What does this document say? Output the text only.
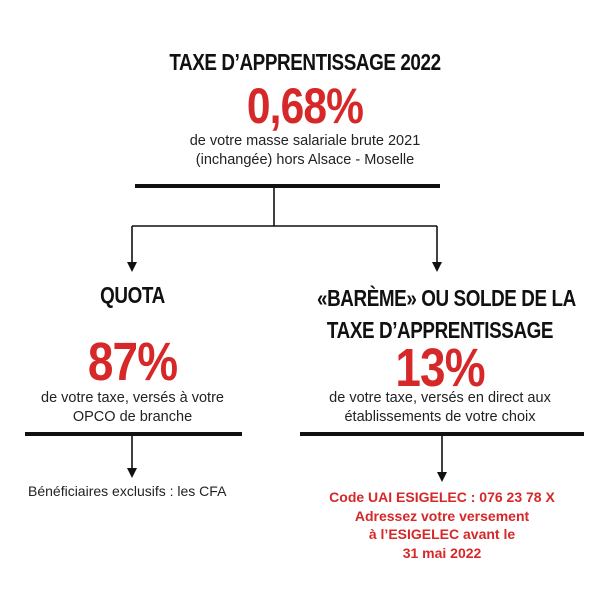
TAXE D’APPRENTISSAGE 2022
0,68%
de votre masse salariale brute 2021
(inchangée) hors Alsace - Moselle
QUOTA
87%
de votre taxe, versés à votre
OPCO de branche
Bénéficiaires exclusifs : les CFA
«BARÈME» OU SOLDE DE LA
TAXE D’APPRENTISSAGE
13%
de votre taxe, versés en direct aux
établissements de votre choix
Code UAI ESIGELEC : 076 23 78 X
Adressez votre versement
à l’ESIGELEC avant le
31 mai 2022
